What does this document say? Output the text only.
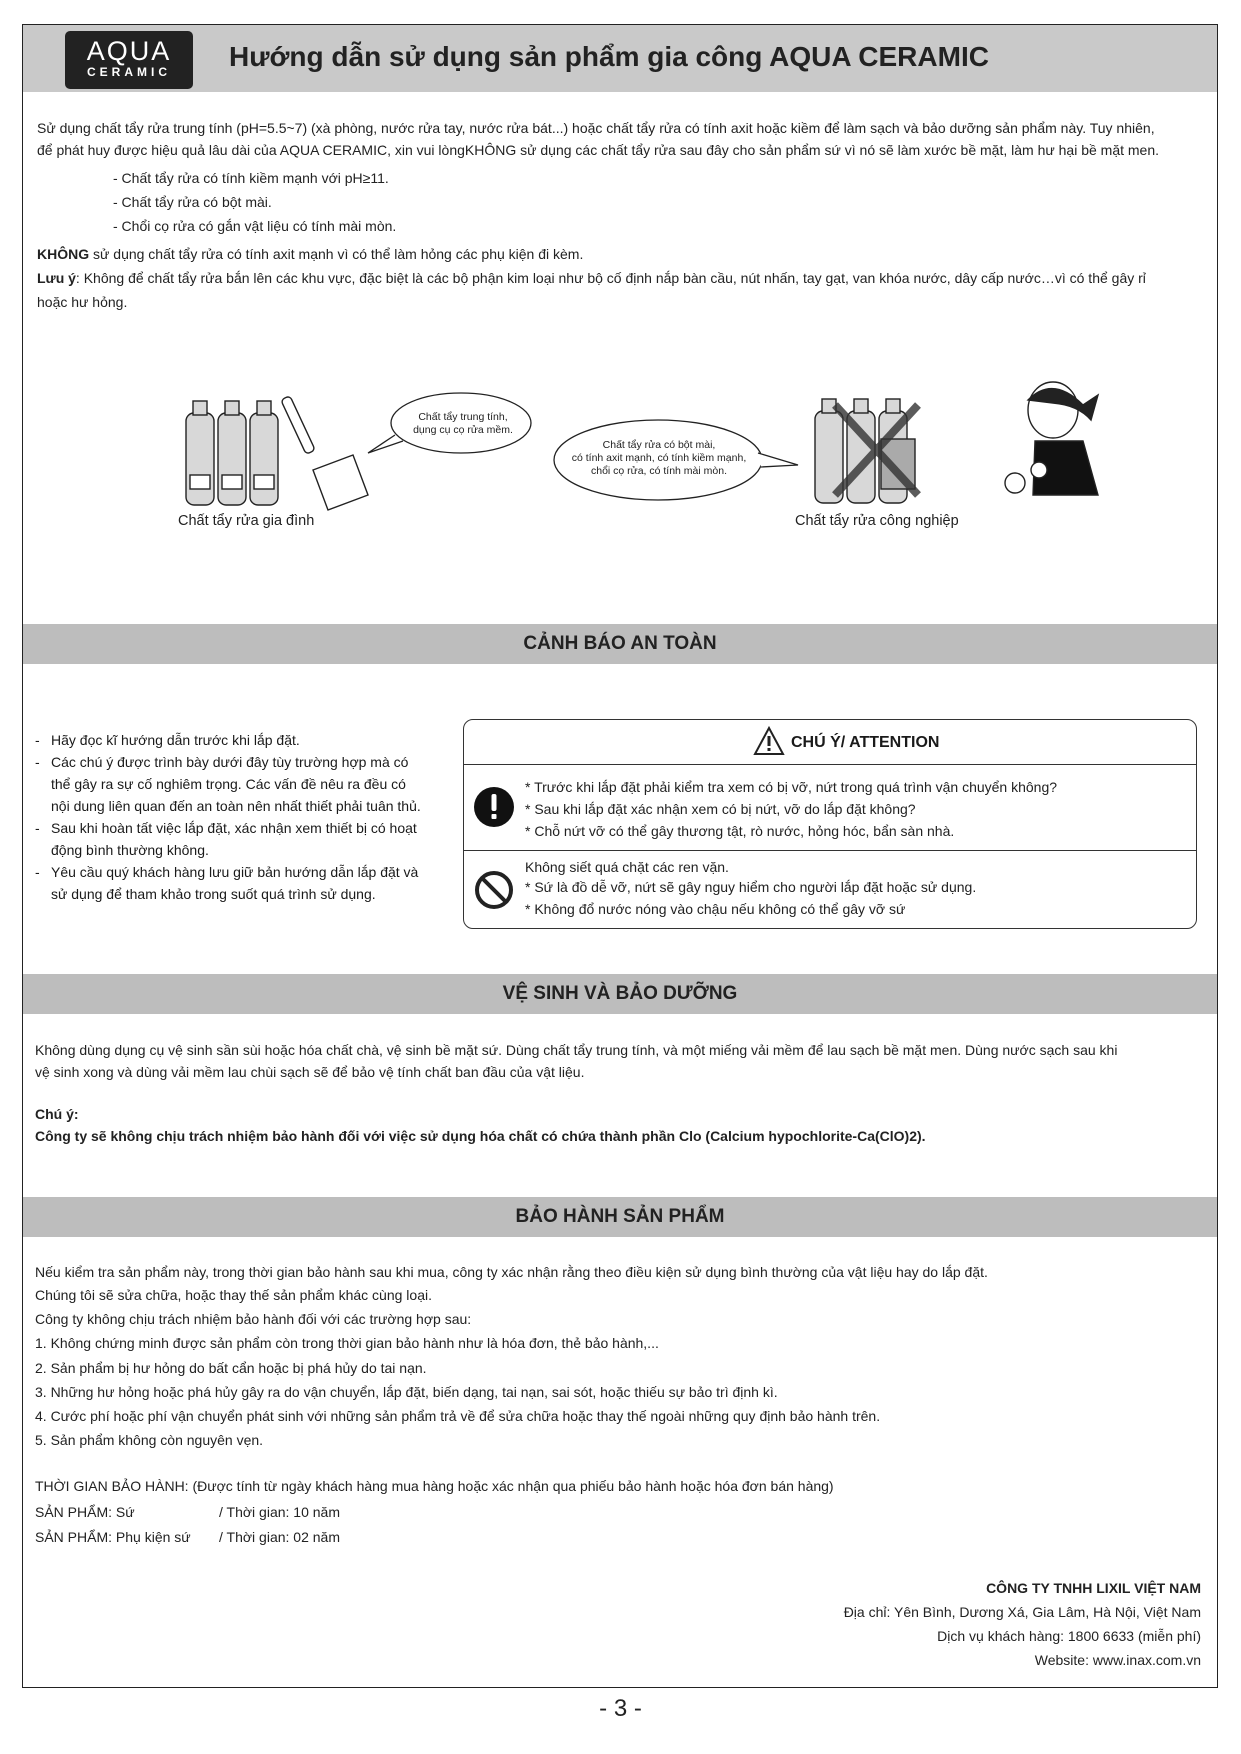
AQUA
CERAMIC	Hướng dẫn sử dụng sản phẩm gia công AQUA CERAMIC
Sử dụng chất tẩy rửa trung tính (pH=5.5~7) (xà phòng, nước rửa tay, nước rửa bát...) hoặc chất tẩy rửa có tính axit hoặc kiềm để làm sạch và bảo dưỡng sản phẩm này. Tuy nhiên,
để phát huy được hiệu quả lâu dài của AQUA CERAMIC, xin vui lòngKHÔNG sử dụng các chất tẩy rửa sau đây cho sản phẩm sứ vì nó sẽ làm xước bề mặt, làm hư hại bề mặt men.
- Chất tẩy rửa có tính kiềm mạnh với pH≥11.
- Chất tẩy rửa có bột mài.
- Chổi cọ rửa có gắn vật liệu có tính mài mòn.
KHÔNG sử dụng chất tẩy rửa có tính axit mạnh vì có thể làm hỏng các phụ kiện đi kèm.
Lưu ý: Không để chất tẩy rửa bắn lên các khu vực, đặc biệt là các bộ phận kim loại như bộ cố định nắp bàn cầu, nút nhấn, tay gạt, van khóa nước, dây cấp nước…vì có thể gây rỉ
hoặc hư hỏng.
Chất tẩy trung tính,
dụng cụ cọ rửa mềm.
Chất tẩy rửa có bột mài,
có tính axit mạnh, có tính kiềm mạnh,
chổi cọ rửa, có tính mài mòn.
Chất tẩy rửa gia đình	Chất tẩy rửa công nghiệp
CẢNH BÁO AN TOÀN
- Hãy đọc kĩ hướng dẫn trước khi lắp đặt.
- Các chú ý được trình bày dưới đây tùy trường hợp mà có
thể gây ra sự cố nghiêm trọng. Các vấn đề nêu ra đều có
nội dung liên quan đến an toàn nên nhất thiết phải tuân thủ.
- Sau khi hoàn tất việc lắp đặt, xác nhận xem thiết bị có hoạt
động bình thường không.
- Yêu cầu quý khách hàng lưu giữ bản hướng dẫn lắp đặt và
sử dụng để tham khảo trong suốt quá trình sử dụng.
CHÚ Ý/ ATTENTION
* Trước khi lắp đặt phải kiểm tra xem có bị vỡ, nứt trong quá trình vận chuyển không?
* Sau khi lắp đặt xác nhận xem có bị nứt, vỡ do lắp đặt không?
* Chỗ nứt vỡ có thể gây thương tật, rò nước, hỏng hóc, bẩn sàn nhà.
Không siết quá chặt các ren vặn.
* Sứ là đồ dễ vỡ, nứt sẽ gây nguy hiểm cho người lắp đặt hoặc sử dụng.
* Không đổ nước nóng vào chậu nếu không có thể gây vỡ sứ
VỆ SINH VÀ BẢO DƯỠNG
Không dùng dụng cụ vệ sinh sần sùi hoặc hóa chất chà, vệ sinh bề mặt sứ. Dùng chất tẩy trung tính, và một miếng vải mềm để lau sạch bề mặt men. Dùng nước sạch sau khi
vệ sinh xong và dùng vải mềm lau chùi sạch sẽ để bảo vệ tính chất ban đầu của vật liệu.
Chú ý:
Công ty sẽ không chịu trách nhiệm bảo hành đối với việc sử dụng hóa chất có chứa thành phần Clo (Calcium hypochlorite-Ca(ClO)2).
BẢO HÀNH SẢN PHẨM
Nếu kiểm tra sản phẩm này, trong thời gian bảo hành sau khi mua, công ty xác nhận rằng theo điều kiện sử dụng bình thường của vật liệu hay do lắp đặt.
Chúng tôi sẽ sửa chữa, hoặc thay thế sản phẩm khác cùng loại.
Công ty không chịu trách nhiệm bảo hành đối với các trường hợp sau:
1. Không chứng minh được sản phẩm còn trong thời gian bảo hành như là hóa đơn, thẻ bảo hành,...
2. Sản phẩm bị hư hỏng do bất cẩn hoặc bị phá hủy do tai nạn.
3. Những hư hỏng hoặc phá hủy gây ra do vận chuyển, lắp đặt, biến dạng, tai nạn, sai sót, hoặc thiếu sự bảo trì định kì.
4. Cước phí hoặc phí vận chuyển phát sinh với những sản phẩm trả về để sửa chữa hoặc thay thế ngoài những quy định bảo hành trên.
5. Sản phẩm không còn nguyên vẹn.
THỜI GIAN BẢO HÀNH: (Được tính từ ngày khách hàng mua hàng hoặc xác nhận qua phiếu bảo hành hoặc hóa đơn bán hàng)
SẢN PHẨM: Sứ	/ Thời gian: 10 năm
SẢN PHẨM: Phụ kiện sứ / Thời gian: 02 năm
CÔNG TY TNHH LIXIL VIỆT NAM
Địa chỉ: Yên Bình, Dương Xá, Gia Lâm, Hà Nội, Việt Nam
Dịch vụ khách hàng: 1800 6633 (miễn phí)
Website: www.inax.com.vn
- 3 -
